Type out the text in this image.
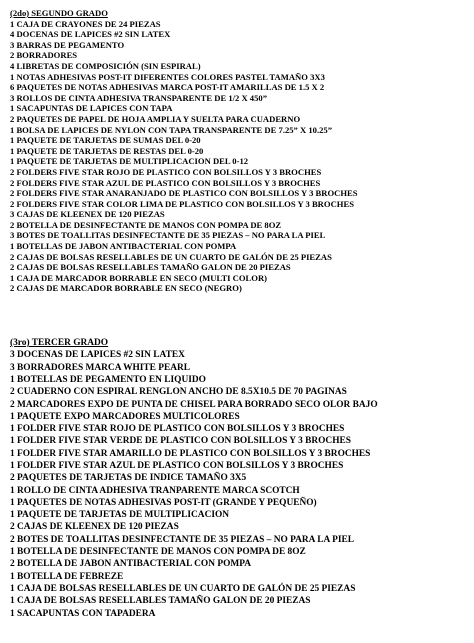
(2do) SEGUNDO GRADO
1 CAJA DE CRAYONES DE 24 PIEZAS
4 DOCENAS DE LAPICES #2 SIN LATEX
3 BARRAS DE PEGAMENTO
2 BORRADORES
4 LIBRETAS DE COMPOSICIÓN (SIN ESPIRAL)
1 NOTAS ADHESIVAS POST-IT DIFERENTES COLORES PASTEL TAMAÑO 3X3
6 PAQUETES DE NOTAS ADHESIVAS MARCA POST-IT AMARILLAS DE 1.5 X 2
3 ROLLOS DE CINTA ADHESIVA TRANSPARENTE DE 1/2 X 450”
1 SACAPUNTAS DE LAPICES CON TAPA
2 PAQUETES DE PAPEL DE HOJA AMPLIA Y SUELTA PARA CUADERNO
1 BOLSA DE LAPICES DE NYLON CON TAPA TRANSPARENTE DE 7.25” X 10.25”
1 PAQUETE DE TARJETAS DE SUMAS DEL 0-20
1 PAQUETE DE TARJETAS DE RESTAS DEL 0-20
1 PAQUETE DE TARJETAS DE MULTIPLICACION DEL 0-12
2 FOLDERS FIVE STAR ROJO DE PLASTICO CON BOLSILLOS Y 3 BROCHES
2 FOLDERS FIVE STAR AZUL DE PLASTICO CON BOLSILLOS Y 3 BROCHES
2 FOLDERS FIVE STAR ANARANJADO DE PLASTICO CON BOLSILLOS Y 3 BROCHES
2 FOLDERS FIVE STAR COLOR LIMA DE PLASTICO CON BOLSILLOS Y 3 BROCHES
3 CAJAS DE KLEENEX DE 120 PIEZAS
2 BOTELLA DE DESINFECTANTE DE MANOS CON POMPA DE 8OZ
3 BOTES DE TOALLITAS DESINFECTANTE DE 35 PIEZAS – NO PARA LA PIEL
1 BOTELLAS DE JABON ANTIBACTERIAL CON POMPA
2 CAJAS DE BOLSAS RESELLABLES DE UN CUARTO DE GALÓN DE 25 PIEZAS
2 CAJAS DE BOLSAS RESELLABLES TAMAÑO GALON DE 20 PIEZAS
1 CAJA DE MARCADOR BORRABLE EN SECO (MULTI COLOR)
2 CAJAS DE MARCADOR BORRABLE EN SECO (NEGRO)
(3ro) TERCER GRADO
3 DOCENAS DE LAPICES #2 SIN LATEX
3 BORRADORES MARCA WHITE PEARL
1 BOTELLAS DE PEGAMENTO EN LIQUIDO
2 CUADERNO CON ESPIRAL RENGLON ANCHO DE 8.5X10.5 DE 70 PAGINAS
2 MARCADORES EXPO DE PUNTA DE CHISEL PARA BORRADO SECO OLOR BAJO
1 PAQUETE EXPO MARCADORES MULTICOLORES
1 FOLDER FIVE STAR ROJO DE PLASTICO CON BOLSILLOS Y 3 BROCHES
1 FOLDER FIVE STAR VERDE DE PLASTICO CON BOLSILLOS Y 3 BROCHES
1 FOLDER FIVE STAR AMARILLO DE PLASTICO CON BOLSILLOS Y 3 BROCHES
1 FOLDER FIVE STAR AZUL DE PLASTICO CON BOLSILLOS Y 3 BROCHES
2 PAQUETES DE TARJETAS DE INDICE TAMAÑO 3X5
1 ROLLO DE CINTA ADHESIVA TRANPARENTE MARCA SCOTCH
1 PAQUETES DE NOTAS ADHESIVAS POST-IT (GRANDE Y PEQUEÑO)
1 PAQUETE DE TARJETAS DE MULTIPLICACION
2 CAJAS DE KLEENEX DE 120 PIEZAS
2 BOTES DE TOALLITAS DESINFECTANTE DE 35 PIEZAS – NO PARA LA PIEL
1 BOTELLA DE DESINFECTANTE DE MANOS CON POMPA DE 8OZ
2 BOTELLA DE JABON ANTIBACTERIAL CON POMPA
1 BOTELLA DE FEBREZE
1 CAJA DE BOLSAS RESELLABLES DE UN CUARTO DE GALÓN DE 25 PIEZAS
1 CAJA DE BOLSAS RESELLABLES TAMAÑO GALON DE 20 PIEZAS
1 SACAPUNTAS CON TAPADERA
